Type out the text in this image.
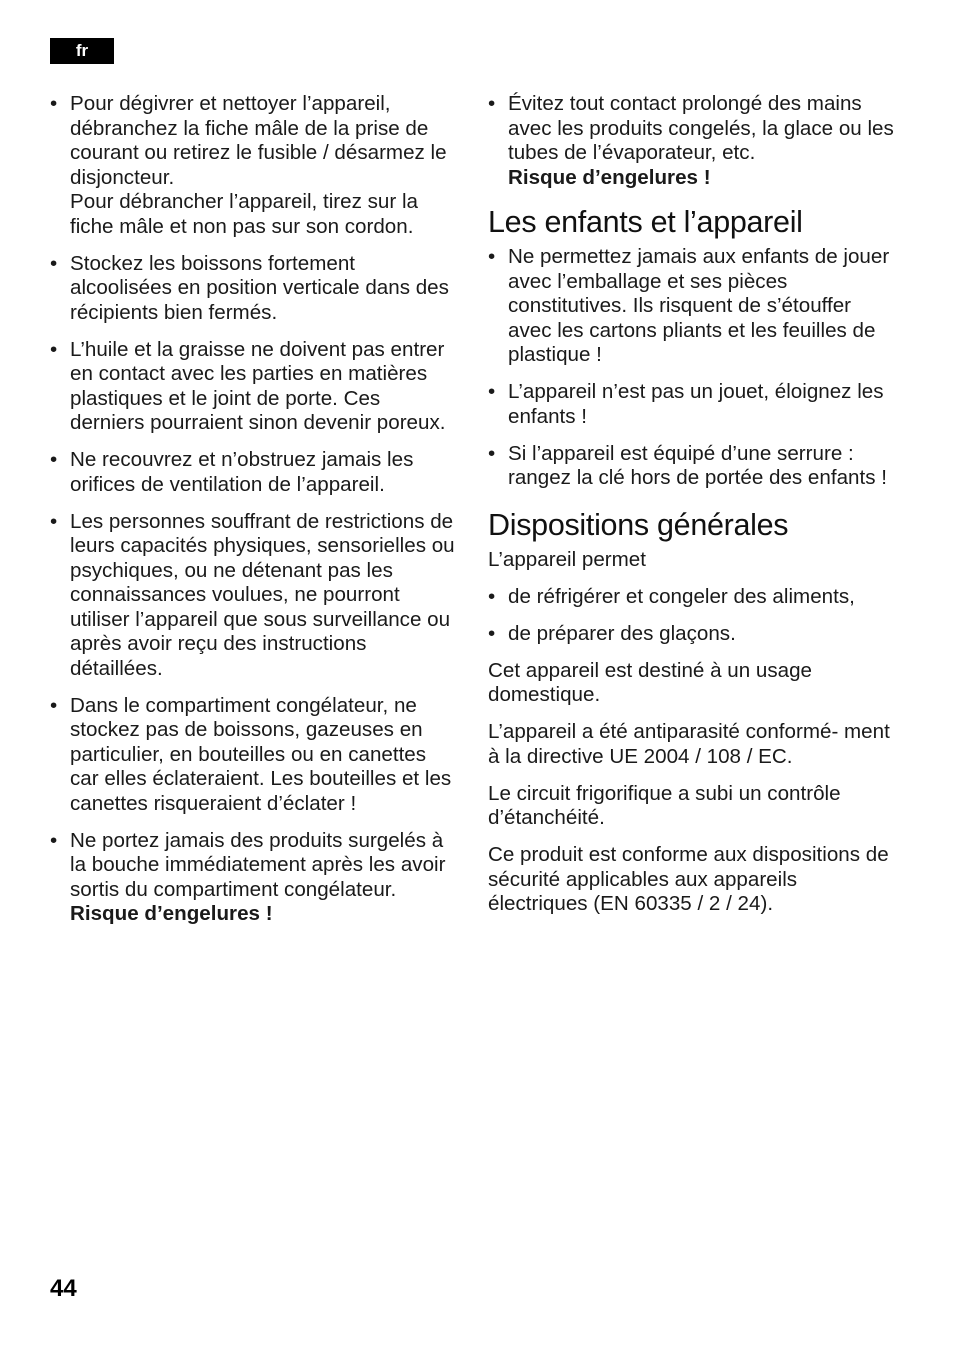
fr
• Pour dégivrer et nettoyer l’appareil, débranchez la fiche mâle de la prise de courant ou retirez le fusible / désarmez le disjoncteur.

Pour débrancher l’appareil, tirez sur la fiche mâle et non pas sur son cordon.

• Stockez les boissons fortement alcoolisées en position verticale dans des récipients bien fermés.

• L’huile et la graisse ne doivent pas entrer en contact avec les parties en matières plastiques et le joint de porte. Ces derniers pourraient sinon devenir poreux.

• Ne recouvrez et n’obstruez jamais les orifices de ventilation de l’appareil.

• Les personnes souffrant de restrictions de leurs capacités physiques, sensorielles ou psychiques, ou ne détenant pas les connaissances voulues, ne pourront utiliser l’appareil que sous surveillance ou après avoir reçu des instructions détaillées.

• Dans le compartiment congélateur, ne stockez pas de boissons, gazeuses en particulier, en bouteilles ou en canettes car elles éclateraient. Les bouteilles et les canettes risqueraient d’éclater !

• Ne portez jamais des produits surgelés à la bouche immédiatement après les avoir sortis du compartiment congélateur.

Risque d’engelures !
• Évitez tout contact prolongé des mains avec les produits congelés, la glace ou les tubes de l’évaporateur, etc.

Risque d’engelures !
Les enfants et l’appareil
• Ne permettez jamais aux enfants de jouer avec l’emballage et ses pièces constitutives. Ils risquent de s’étouffer avec les cartons pliants et les feuilles de plastique !

• L’appareil n’est pas un jouet, éloignez les enfants !

• Si l’appareil est équipé d’une serrure : rangez la clé hors de portée des enfants !

Dispositions générales

L’appareil permet

• de réfrigérer et congeler des aliments,

• de préparer des glaçons.

Cet appareil est destiné à un usage domestique.

L’appareil a été antiparasité conformé- ment à la directive UE 2004 / 108 / EC.

Le circuit frigorifique a subi un contrôle d’étanchéité.

Ce produit est conforme aux dispositions de sécurité applicables aux appareils électriques (EN 60335 / 2 / 24).

44
